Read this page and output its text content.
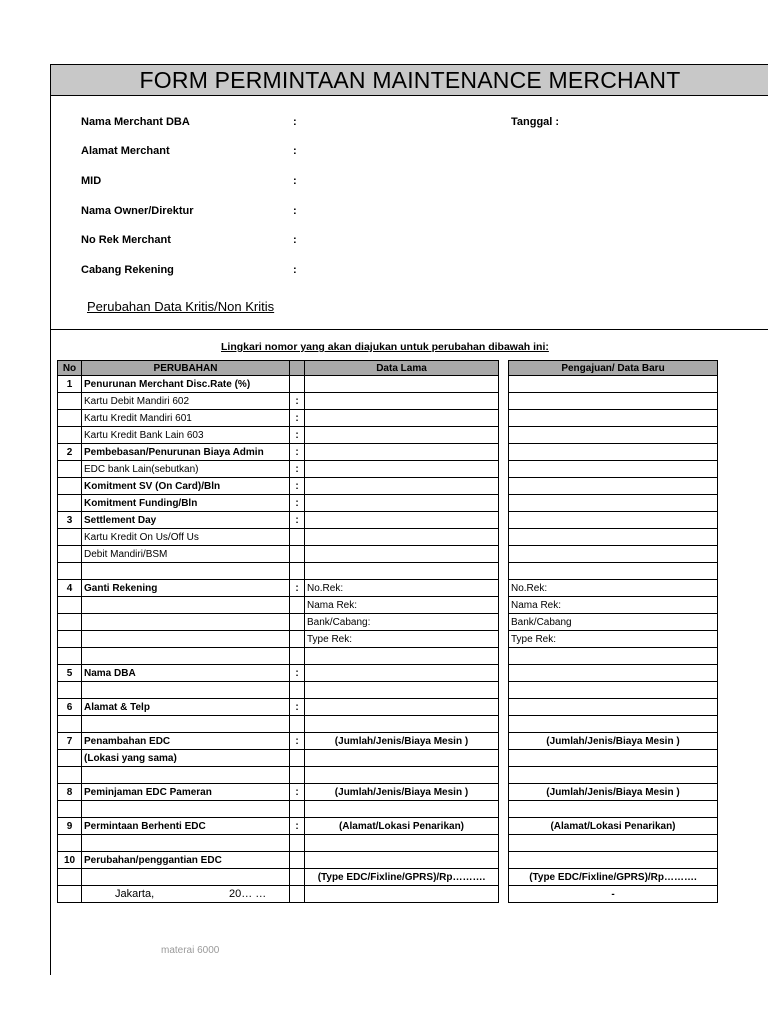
FORM PERMINTAAN MAINTENANCE MERCHANT
Nama Merchant DBA	:
Alamat Merchant	:
MID	:
Nama Owner/Direktur	:
No Rek Merchant	:
Cabang Rekening	:
Tanggal :
Perubahan Data Kritis/Non Kritis
Lingkari nomor yang akan diajukan untuk perubahan dibawah ini:
No	PERUBAHAN		Data Lama		Pengajuan/ Data Baru
1	Penurunan Merchant Disc.Rate (%)				
	Kartu Debit Mandiri 602	:			
	Kartu Kredit Mandiri 601	:			
	Kartu Kredit Bank Lain 603	:			
2	Pembebasan/Penurunan Biaya Admin	:			
	EDC bank Lain(sebutkan)	:			
	Komitment SV (On Card)/Bln	:			
	Komitment Funding/Bln	:			
3	Settlement Day	:			
	Kartu Kredit On Us/Off Us				
	Debit Mandiri/BSM				

4	Ganti Rekening	:	No.Rek:		No.Rek:
			Nama Rek:		Nama Rek:
			Bank/Cabang:		Bank/Cabang
			Type Rek:		Type Rek:

5	Nama DBA	:			

6	Alamat & Telp	:			

7	Penambahan EDC	:	(Jumlah/Jenis/Biaya Mesin )		(Jumlah/Jenis/Biaya Mesin )
	(Lokasi yang sama)				

8	Peminjaman EDC Pameran	:	(Jumlah/Jenis/Biaya Mesin )		(Jumlah/Jenis/Biaya Mesin )

9	Permintaan Berhenti EDC	:	(Alamat/Lokasi Penarikan)		(Alamat/Lokasi Penarikan)

10	Perubahan/penggantian EDC				
			(Type EDC/Fixline/GPRS)/Rp……….		(Type EDC/Fixline/GPRS)/Rp……….
					-
Jakarta,	20… …
materai 6000
